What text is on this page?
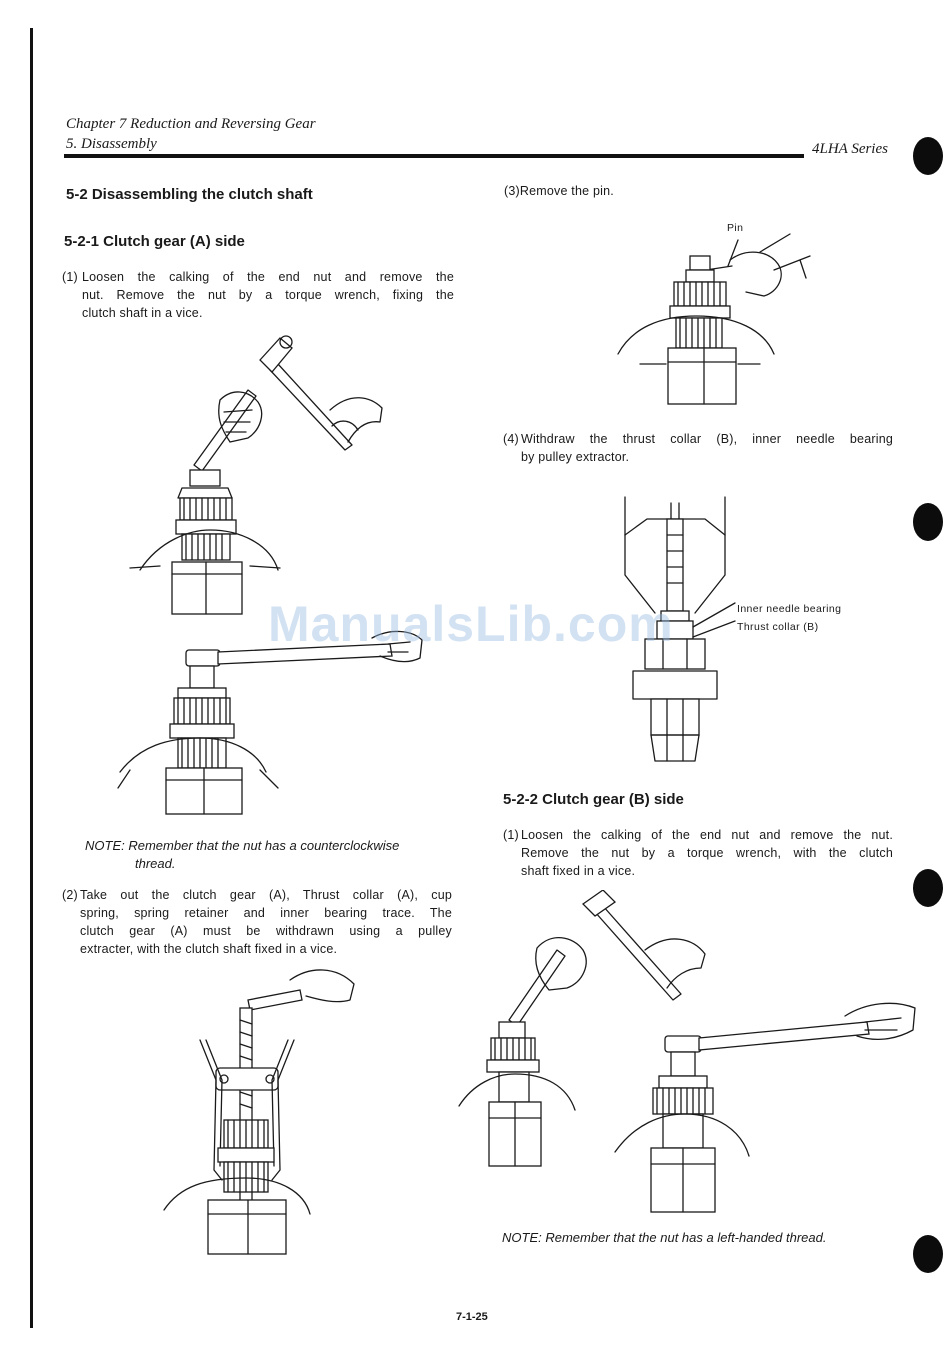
Chapter 7 Reduction and Reversing Gear
5. Disassembly	4LHA Series
5-2 Disassembling the clutch shaft
5-2-1 Clutch gear (A) side
(1) Loosen the calking of the end nut and remove the
nut. Remove the nut by a torque wrench, fixing the
clutch shaft in a vice.
NOTE: Remember that the nut has a counterclockwise
thread.
(2) Take out the clutch gear (A), Thrust collar (A), cup
spring, spring retainer and inner bearing trace. The
clutch gear (A) must be withdrawn using a pulley
extracter, with the clutch shaft fixed in a vice.
(3)Remove the pin.
Pin
(4) Withdraw the thrust collar (B), inner needle bearing
by pulley extractor.
Inner needle bearing
Thrust collar (B)
5-2-2 Clutch gear (B) side
(1) Loosen the calking of the end nut and remove the nut.
Remove the nut by a torque wrench, with the clutch
shaft fixed in a vice.
NOTE: Remember that the nut has a left-handed thread.
7-1-25
ManualsLib.com
